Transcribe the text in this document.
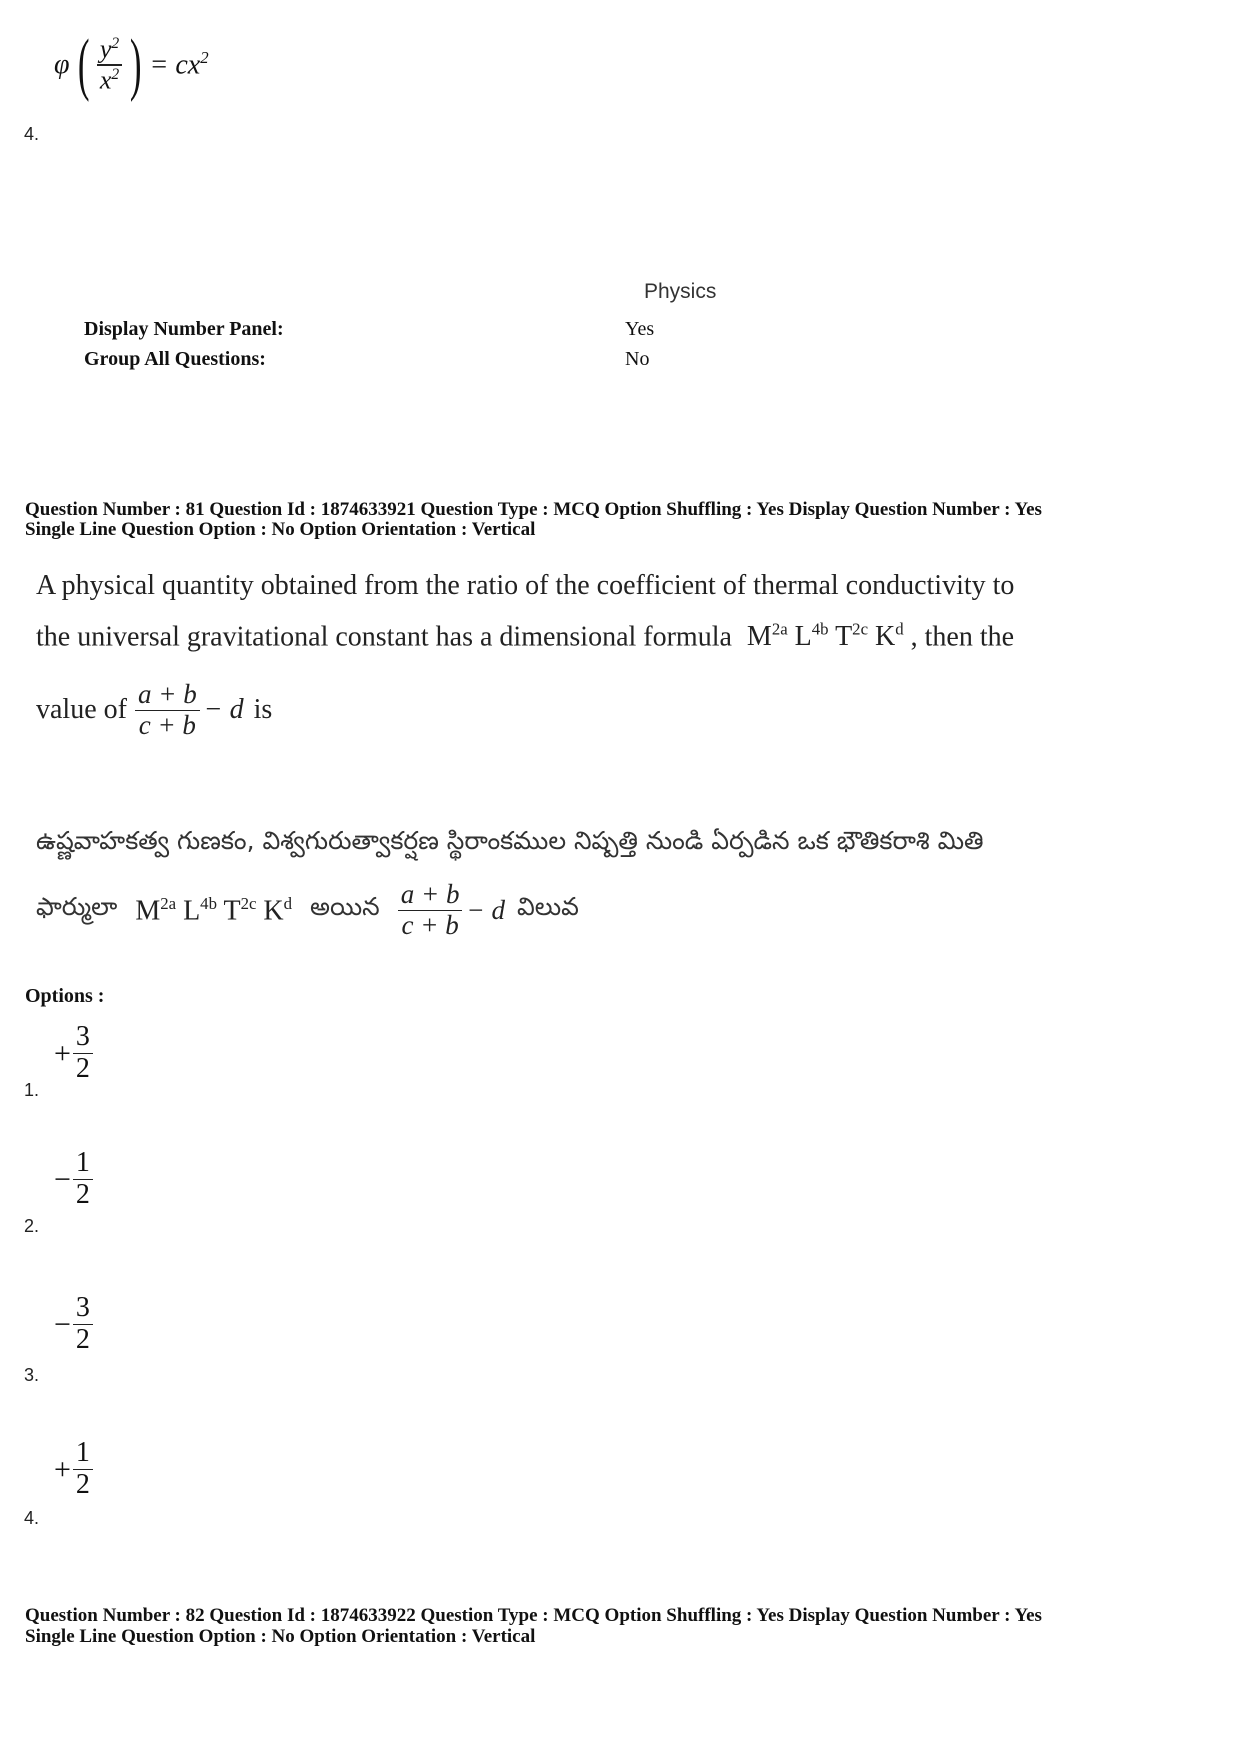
4.
φ ( $\frac{y^2}{x^2}$ ) = $cx^2$
Physics
Display Number Panel:	Yes
Group All Questions:	No
Question Number : 81 Question Id : 1874633921 Question Type : MCQ Option Shuffling : Yes Display Question Number : Yes
Single Line Question Option : No Option Orientation : Vertical
A physical quantity obtained from the ratio of the coefficient of thermal conductivity to
the universal gravitational constant has a dimensional formula $M^{2a}$ $L^{4b}$ $T^{2c}$ $K^d$ , then the
value of $\frac{a + b}{c + b} - d$ is
ఉష్ణవాహకత్వ గుణకం, విశ్వగురుత్వాకర్షణ స్థిరాంకముల నిష్పత్తి నుండి ఏర్పడిన ఒక భౌతికరాశి మితి
ఫార్ములా $M^{2a}$ $L^{4b}$ $T^{2c}$ $K^d$ అయిన $\frac{a + b}{c + b} - d$ విలువ
Options :
+ $\frac{3}{2}$
1.
− $\frac{1}{2}$
2.
− $\frac{3}{2}$
3.
+ $\frac{1}{2}$
4.
Question Number : 82 Question Id : 1874633922 Question Type : MCQ Option Shuffling : Yes Display Question Number : Yes
Single Line Question Option : No Option Orientation : Vertical
